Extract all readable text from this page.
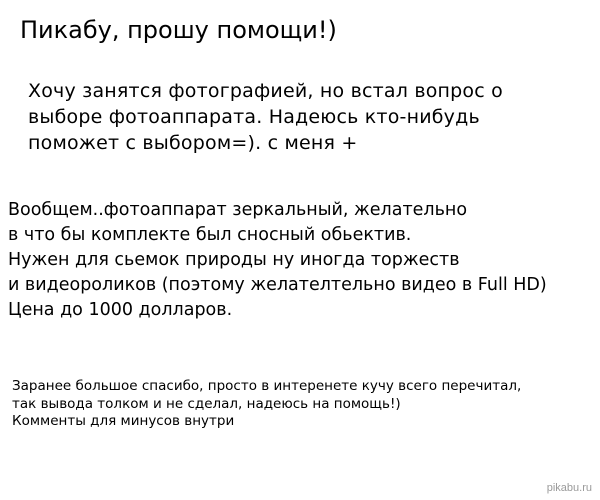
Пикабу, прошу помощи!)
Хочу занятся фотографией, но встал вопрос о
выборе фотоаппарата. Надеюсь кто-нибудь
поможет с выбором=). с меня +
Вообщем..фотоаппарат зеркальный, желательно
в что бы комплекте был сносный обьектив.
Нужен для сьемок природы ну иногда торжеств
и видеороликов (поэтому желателтельно видео в Full HD)
Цена до 1000 долларов.
Заранее большое спасибо, просто в интеренете кучу всего перечитал,
так вывода толком и не сделал, надеюсь на помощь!)
Комменты для минусов внутри
pikabu.ru
